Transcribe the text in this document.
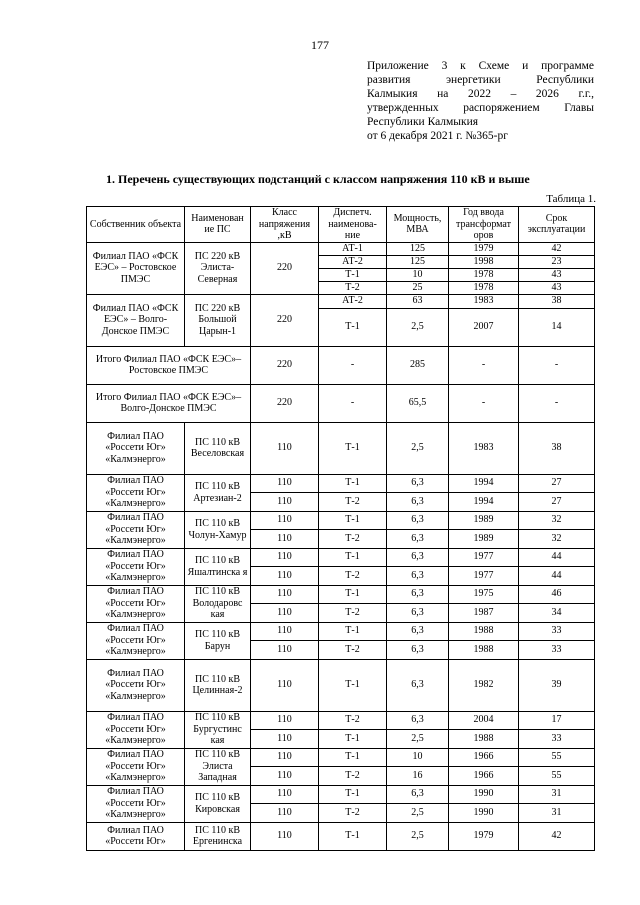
177
Приложение 3 к Схеме и программе
развития энергетики Республики
Калмыкия на 2022 – 2026 г.г.,
утвержденных распоряжением Главы
Республики Калмыкия
от 6 декабря 2021 г. №365-рг
1. Перечень существующих подстанций с классом напряжения 110 кВ и выше
Таблица 1.
Собственник объекта	Наименован ие ПС	Класс напряжения ,кВ	Диспетч. наименова- ние	Мощность, МВА	Год ввода трансформат оров	Срок эксплуатации
Филиал ПАО «ФСК ЕЭС» – Ростовское ПМЭС	ПС 220 кВ Элиста-Северная	220	АТ-1	125	1979	42
			АТ-2	125	1998	23
			Т-1	10	1978	43
			Т-2	25	1978	43
Филиал ПАО «ФСК ЕЭС» – Волго-Донское ПМЭС	ПС 220 кВ Большой Царын-1	220	АТ-2	63	1983	38
			Т-1	2,5	2007	14
Итого Филиал ПАО «ФСК ЕЭС»– Ростовское ПМЭС		220	-	285	-	-
Итого Филиал ПАО «ФСК ЕЭС»– Волго-Донское ПМЭС		220	-	65,5	-	-
Филиал ПАО «Россети Юг» «Калмэнерго»	ПС 110 кВ Веселовская	110	Т-1	2,5	1983	38
Филиал ПАО «Россети Юг» «Калмэнерго»	ПС 110 кВ Артезиан-2	110	Т-1	6,3	1994	27
		110	Т-2	6,3	1994	27
Филиал ПАО «Россети Юг» «Калмэнерго»	ПС 110 кВ Чолун-Хамур	110	Т-1	6,3	1989	32
		110	Т-2	6,3	1989	32
Филиал ПАО «Россети Юг» «Калмэнерго»	ПС 110 кВ Яшалтинска я	110	Т-1	6,3	1977	44
		110	Т-2	6,3	1977	44
Филиал ПАО «Россети Юг» «Калмэнерго»	ПС 110 кВ Володаровс кая	110	Т-1	6,3	1975	46
		110	Т-2	6,3	1987	34
Филиал ПАО «Россети Юг» «Калмэнерго»	ПС 110 кВ Барун	110	Т-1	6,3	1988	33
		110	Т-2	6,3	1988	33
Филиал ПАО «Россети Юг» «Калмэнерго»	ПС 110 кВ Целинная-2	110	Т-1	6,3	1982	39
Филиал ПАО «Россети Юг» «Калмэнерго»	ПС 110 кВ Бургустинс кая	110	Т-2	6,3	2004	17
		110	Т-1	2,5	1988	33
Филиал ПАО «Россети Юг» «Калмэнерго»	ПС 110 кВ Элиста Западная	110	Т-1	10	1966	55
		110	Т-2	16	1966	55
Филиал ПАО «Россети Юг» «Калмэнерго»	ПС 110 кВ Кировская	110	Т-1	6,3	1990	31
		110	Т-2	2,5	1990	31
Филиал ПАО «Россети Юг»	ПС 110 кВ Ергенинска	110	Т-1	2,5	1979	42
